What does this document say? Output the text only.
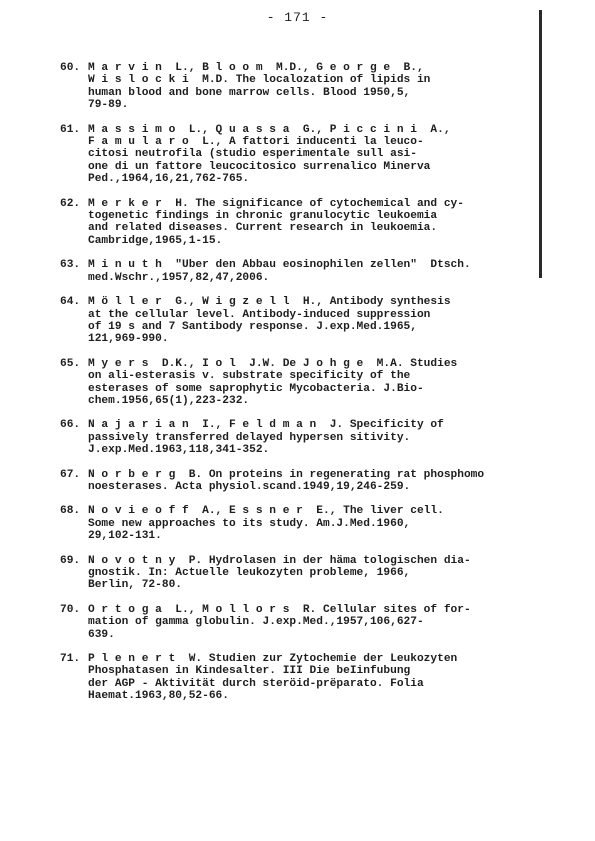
- 171 -
60. M a r v i n  L., B l o o m  M.D., G e o r g e  B.,
W i s l o c k i  M.D. The localozation of lipids in
human blood and bone marrow cells. Blood 1950,5,
79-89.
61. M a s s i m o  L., Q u a s s a  G., P i c c i n i  A.,
F a m u l a r o  L., A fattori inducenti la leuco-
citosi neutrofila (studio esperimentale sull asi-
one di un fattore leucocitosico surrenalico Minerva
Ped.,1964,16,21,762-765.
62. M e r k e r  H. The significance of cytochemical and cy-
togenetic findings in chronic granulocytic leukoemia
and related diseases. Current research in leukoemia.
Cambridge,1965,1-15.
63. M i n u t h  "Uber den Abbau eosinophilen zellen"  Dtsch.
med.Wschr.,1957,82,47,2006.
64. M ö l l e r  G., W i g z e l l  H., Antibody synthesis
at the cellular level. Antibody-induced suppression
of 19 s and 7 Santibody response. J.exp.Med.1965,
121,969-990.
65. M y e r s  D.K., I o l  J.W. De J o h g e  M.A. Studies
on ali-esterasis v. substrate specificity of the
esterases of some saprophytic Mycobacteria. J.Bio-
chem.1956,65(1),223-232.
66. N a j a r i a n  I., F e l d m a n  J. Specificity of
passively transferred delayed hypersen sitivity.
J.exp.Med.1963,118,341-352.
67. N o r b e r g  B. On proteins in regenerating rat phosphomo
noesterases. Acta physiol.scand.1949,19,246-259.
68. N o v i e o f f  A., E s s n e r  E., The liver cell.
Some new approaches to its study. Am.J.Med.1960,
29,102-131.
69. N o v o t n y  P. Hydrolasen in der häma tologischen dia-
gnostik. In: Actuelle leukozyten probleme, 1966,
Berlin, 72-80.
70. O r t o g a  L., M o l l o r s  R. Cellular sites of for-
mation of gamma globulin. J.exp.Med.,1957,106,627-
639.
71. P l e n e r t  W. Studien zur Zytochemie der Leukozyten
Phosphatasen in Kindesalter. III Die beIinfubung
der AGP - Aktivität durch steröid-prëparato. Folia
Haemat.1963,80,52-66.
